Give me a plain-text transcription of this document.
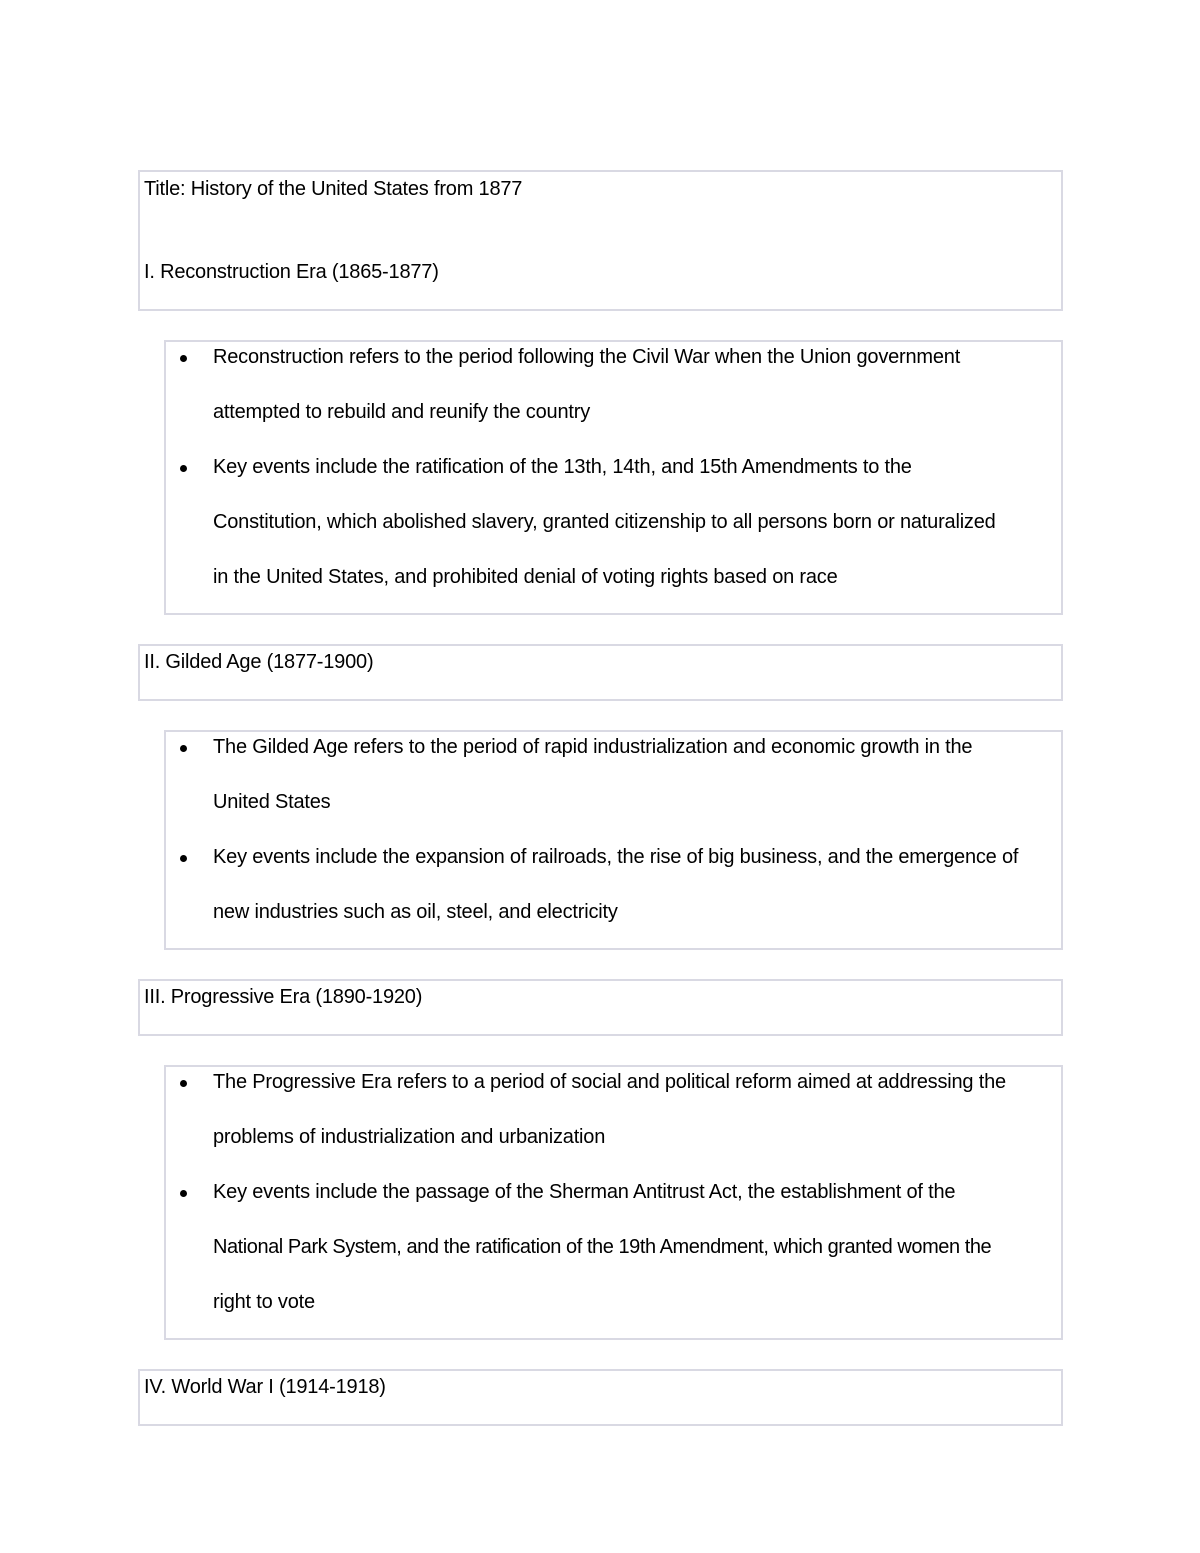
Title: History of the United States from 1877
I. Reconstruction Era (1865-1877)
Reconstruction refers to the period following the Civil War when the Union government
attempted to rebuild and reunify the country
Key events include the ratification of the 13th, 14th, and 15th Amendments to the
Constitution, which abolished slavery, granted citizenship to all persons born or naturalized
in the United States, and prohibited denial of voting rights based on race
II. Gilded Age (1877-1900)
The Gilded Age refers to the period of rapid industrialization and economic growth in the
United States
Key events include the expansion of railroads, the rise of big business, and the emergence of
new industries such as oil, steel, and electricity
III. Progressive Era (1890-1920)
The Progressive Era refers to a period of social and political reform aimed at addressing the
problems of industrialization and urbanization
Key events include the passage of the Sherman Antitrust Act, the establishment of the
National Park System, and the ratification of the 19th Amendment, which granted women the
right to vote
IV. World War I (1914-1918)
